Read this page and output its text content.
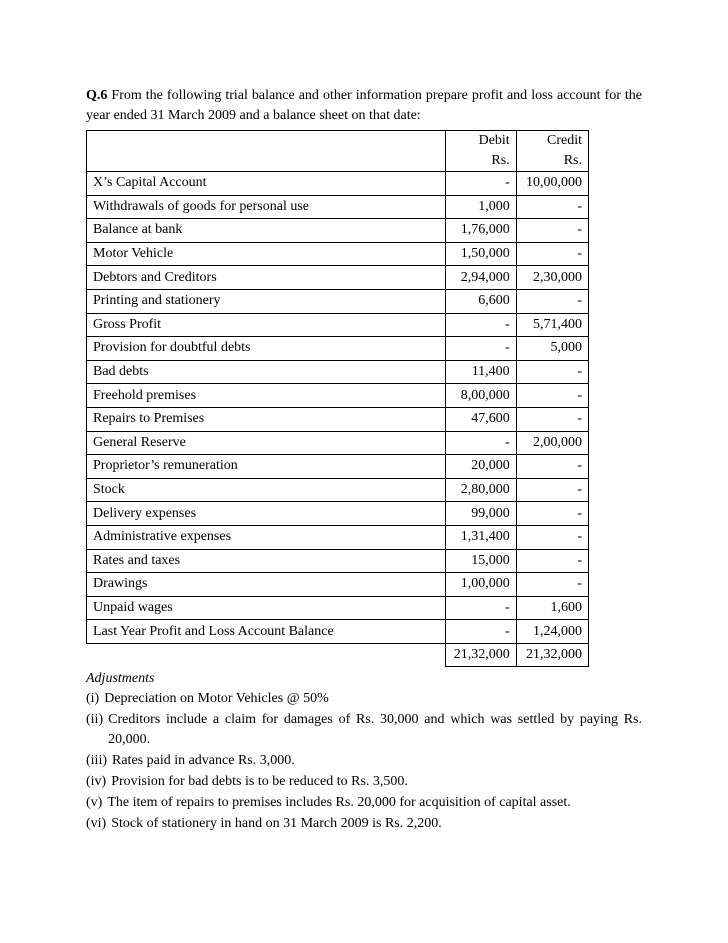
Q.6 From the following trial balance and other information prepare profit and loss account for the year ended 31 March 2009 and a balance sheet on that date:

	Debit	Credit
	Rs.	Rs.
X’s Capital Account	-	10,00,000
Withdrawals of goods for personal use	1,000	-
Balance at bank	1,76,000	-
Motor Vehicle	1,50,000	-
Debtors and Creditors	2,94,000	2,30,000
Printing and stationery	6,600	-
Gross Profit	-	5,71,400
Provision for doubtful debts	-	5,000
Bad debts	11,400	-
Freehold premises	8,00,000	-
Repairs to Premises	47,600	-
General Reserve	-	2,00,000
Proprietor’s remuneration	20,000	-
Stock	2,80,000	-
Delivery expenses	99,000	-
Administrative expenses	1,31,400	-
Rates and taxes	15,000	-
Drawings	1,00,000	-
Unpaid wages	-	1,600
Last Year Profit and Loss Account Balance	-	1,24,000
	21,32,000	21,32,000
Adjustments
(i) Depreciation on Motor Vehicles @ 50%
(ii) Creditors include a claim for damages of Rs. 30,000 and which was settled by paying Rs. 20,000.
(iii) Rates paid in advance Rs. 3,000.
(iv) Provision for bad debts is to be reduced to Rs. 3,500.
(v) The item of repairs to premises includes Rs. 20,000 for acquisition of capital asset.
(vi) Stock of stationery in hand on 31 March 2009 is Rs. 2,200.
